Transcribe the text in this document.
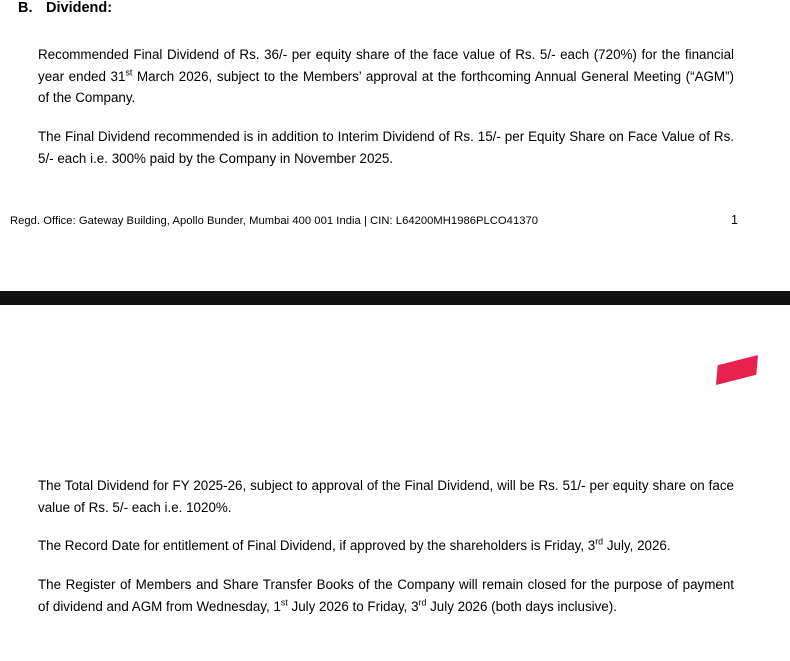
B. Dividend:

Recommended Final Dividend of Rs. 36/- per equity share of the face value of Rs. 5/- each (720%) for the financial year ended 31st March 2026, subject to the Members’ approval at the forthcoming Annual General Meeting (“AGM”) of the Company.

The Final Dividend recommended is in addition to Interim Dividend of Rs. 15/- per Equity Share on Face Value of Rs. 5/- each i.e. 300% paid by the Company in November 2025.

Regd. Office: Gateway Building, Apollo Bunder, Mumbai 400 001 India | CIN: L64200MH1986PLCO41370	1

The Total Dividend for FY 2025-26, subject to approval of the Final Dividend, will be Rs. 51/- per equity share on face value of Rs. 5/- each i.e. 1020%.

The Record Date for entitlement of Final Dividend, if approved by the shareholders is Friday, 3rd July, 2026.

The Register of Members and Share Transfer Books of the Company will remain closed for the purpose of payment of dividend and AGM from Wednesday, 1st July 2026 to Friday, 3rd July 2026 (both days inclusive).
